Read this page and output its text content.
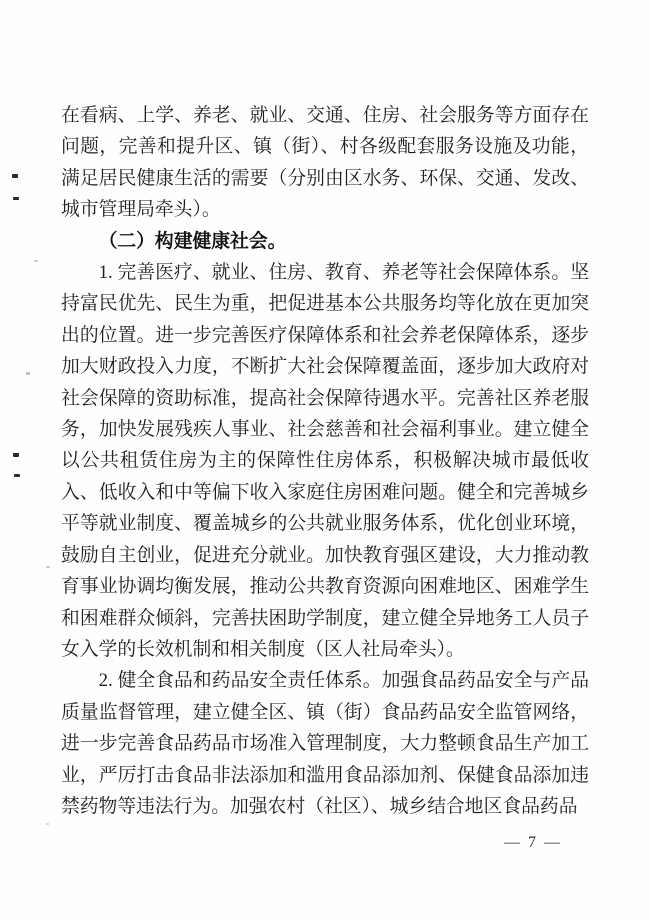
在看病、上学、养老、就业、交通、住房、社会服务等方面存在问题，完善和提升区、镇（街）、村各级配套服务设施及功能，满足居民健康生活的需要（分别由区水务、环保、交通、发改、城市管理局牵头）。

（二）构建健康社会。

1. 完善医疗、就业、住房、教育、养老等社会保障体系。坚持富民优先、民生为重，把促进基本公共服务均等化放在更加突出的位置。进一步完善医疗保障体系和社会养老保障体系，逐步加大财政投入力度，不断扩大社会保障覆盖面，逐步加大政府对社会保障的资助标准，提高社会保障待遇水平。完善社区养老服务，加快发展残疾人事业、社会慈善和社会福利事业。建立健全以公共租赁住房为主的保障性住房体系，积极解决城市最低收入、低收入和中等偏下收入家庭住房困难问题。健全和完善城乡平等就业制度、覆盖城乡的公共就业服务体系，优化创业环境，鼓励自主创业，促进充分就业。加快教育强区建设，大力推动教育事业协调均衡发展，推动公共教育资源向困难地区、困难学生和困难群众倾斜，完善扶困助学制度，建立健全异地务工人员子女入学的长效机制和相关制度（区人社局牵头）。

2. 健全食品和药品安全责任体系。加强食品药品安全与产品质量监督管理，建立健全区、镇（街）食品药品安全监管网络，进一步完善食品药品市场准入管理制度，大力整顿食品生产加工业，严厉打击食品非法添加和滥用食品添加剂、保健食品添加违禁药物等违法行为。加强农村（社区）、城乡结合地区食品药品

— 7 —
